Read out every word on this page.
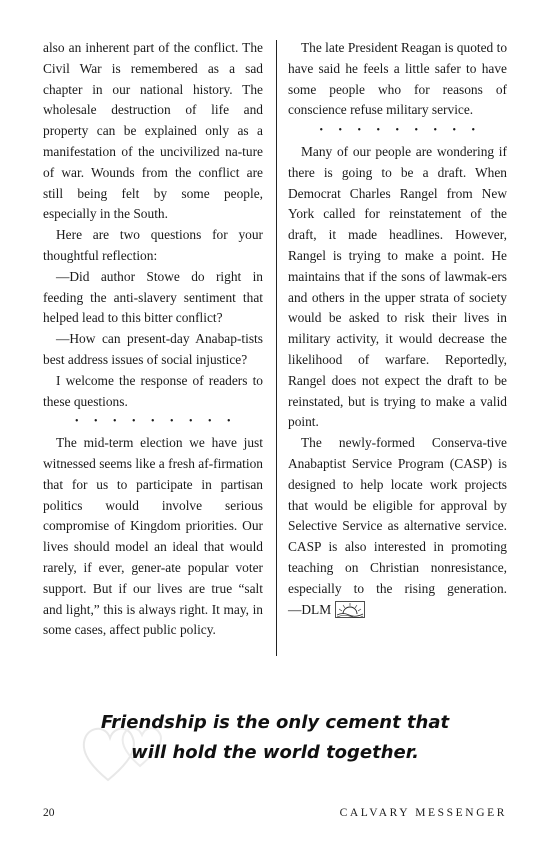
also an inherent part of the conflict. The Civil War is remembered as a sad chapter in our national history. The wholesale destruction of life and property can be explained only as a manifestation of the uncivilized na-ture of war. Wounds from the conflict are still being felt by some people, especially in the South.

Here are two questions for your thoughtful reflection:

—Did author Stowe do right in feeding the anti-slavery sentiment that helped lead to this bitter conflict?

—How can present-day Anabap-tists best address issues of social injustice?

I welcome the response of readers to these questions.

• • • • • • • • •

The mid-term election we have just witnessed seems like a fresh af-firmation that for us to participate in partisan politics would involve serious compromise of Kingdom priorities. Our lives should model an ideal that would rarely, if ever, gener-ate popular voter support. But if our lives are true “salt and light,” this is always right. It may, in some cases, affect public policy.

The late President Reagan is quoted to have said he feels a little safer to have some people who for reasons of conscience refuse military service.

• • • • • • • • •

Many of our people are wondering if there is going to be a draft. When Democrat Charles Rangel from New York called for reinstatement of the draft, it made headlines. However, Rangel is trying to make a point. He maintains that if the sons of lawmak-ers and others in the upper strata of society would be asked to risk their lives in military activity, it would decrease the likelihood of warfare. Reportedly, Rangel does not expect the draft to be reinstated, but is trying to make a valid point.

The newly-formed Conserva-tive Anabaptist Service Program (CASP) is designed to help locate work projects that would be eligible for approval by Selective Service as alternative service. CASP is also interested in promoting teaching on Christian nonresistance, especially to the rising generation. —DLM

Friendship is the only cement that
will hold the world together.
20	CALVARY MESSENGER
